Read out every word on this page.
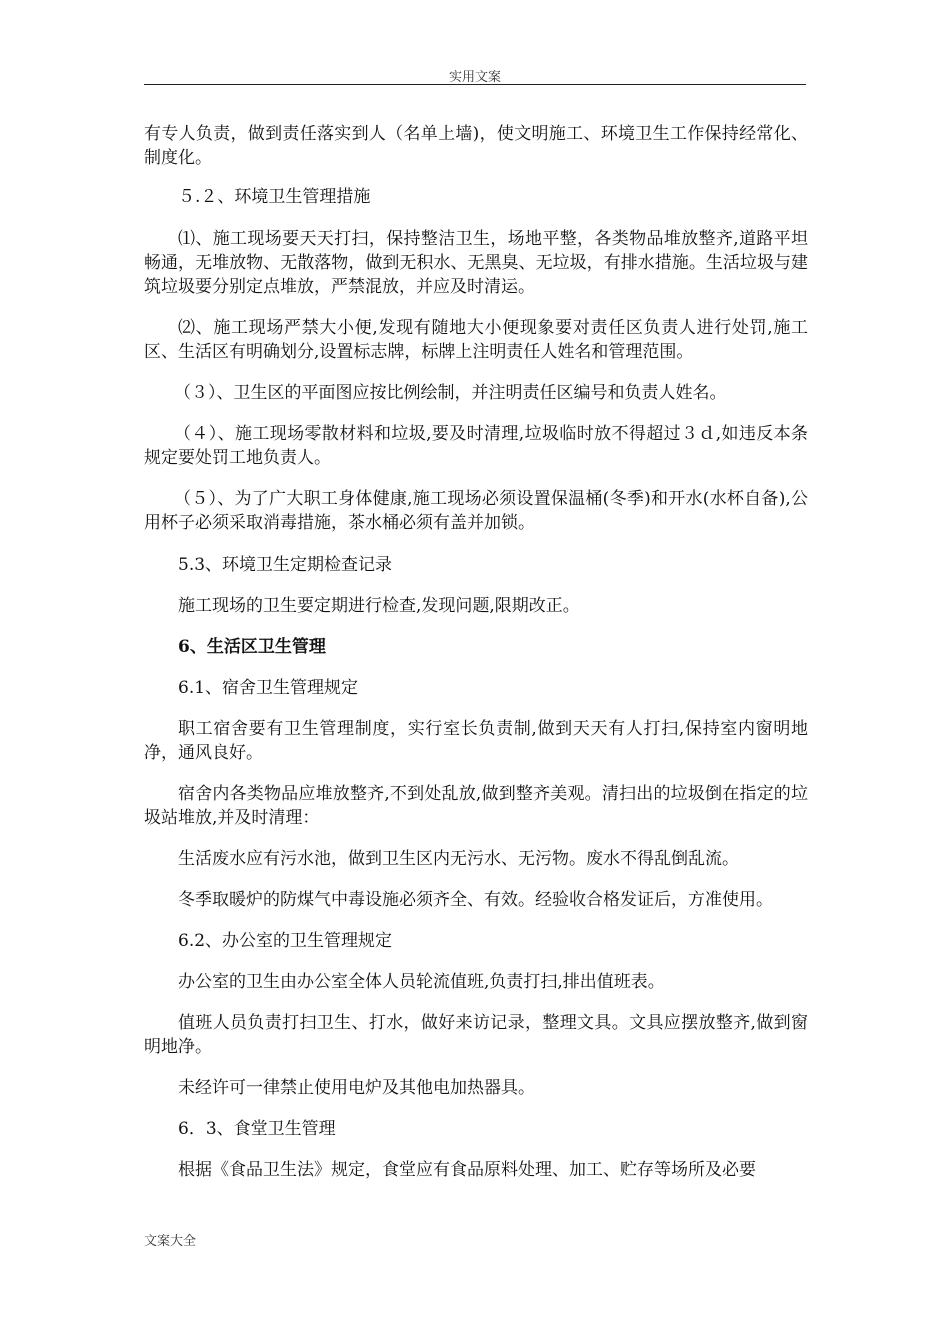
实用文案

有专人负责，做到责任落实到人（名单上墙)，使文明施工、环境卫生工作保持经常化、制度化。

５.２、环境卫生管理措施

⑴、施工现场要天天打扫，保持整洁卫生，场地平整，各类物品堆放整齐,道路平坦畅通，无堆放物、无散落物，做到无积水、无黑臭、无垃圾，有排水措施。生活垃圾与建筑垃圾要分别定点堆放，严禁混放，并应及时清运。

⑵、施工现场严禁大小便,发现有随地大小便现象要对责任区负责人进行处罚,施工区、生活区有明确划分,设置标志牌，标牌上注明责任人姓名和管理范围。

（３）、卫生区的平面图应按比例绘制，并注明责任区编号和负责人姓名。

（４）、施工现场零散材料和垃圾,要及时清理,垃圾临时放不得超过３ｄ,如违反本条规定要处罚工地负责人。

（５）、为了广大职工身体健康,施工现场必须设置保温桶(冬季)和开水(水杯自备),公用杯子必须采取消毒措施，茶水桶必须有盖并加锁。

5.3、环境卫生定期检查记录

施工现场的卫生要定期进行检查,发现问题,限期改正。

6、生活区卫生管理

6.1、宿舍卫生管理规定

职工宿舍要有卫生管理制度，实行室长负责制,做到天天有人打扫,保持室内窗明地净，通风良好。

宿舍内各类物品应堆放整齐,不到处乱放,做到整齐美观。清扫出的垃圾倒在指定的垃圾站堆放,并及时清理：

生活废水应有污水池，做到卫生区内无污水、无污物。废水不得乱倒乱流。

冬季取暖炉的防煤气中毒设施必须齐全、有效。经验收合格发证后，方准使用。

6.2、办公室的卫生管理规定

办公室的卫生由办公室全体人员轮流值班,负责打扫,排出值班表。

值班人员负责打扫卫生、打水，做好来访记录，整理文具。文具应摆放整齐,做到窗明地净。

未经许可一律禁止使用电炉及其他电加热器具。

6．3、食堂卫生管理

根据《食品卫生法》规定，食堂应有食品原料处理、加工、贮存等场所及必要

文案大全
